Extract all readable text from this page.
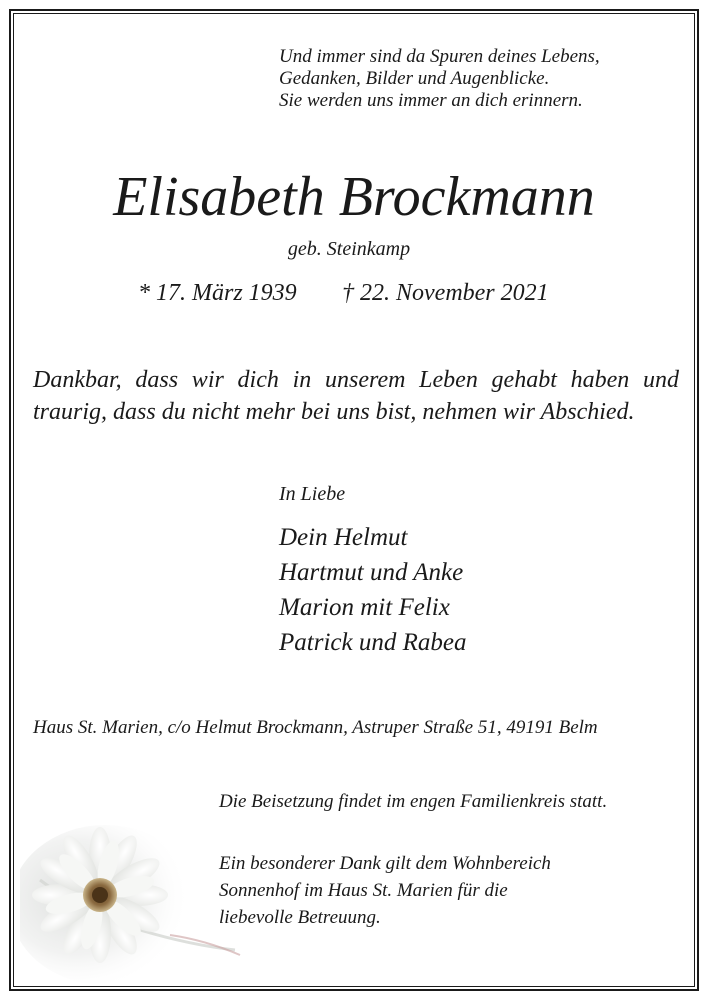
Und immer sind da Spuren deines Lebens,
Gedanken, Bilder und Augenblicke.
Sie werden uns immer an dich erinnern.
Elisabeth Brockmann
geb. Steinkamp
* 17. März 1939 † 22. November 2021
Dankbar, dass wir dich in unserem Leben gehabt haben und
traurig, dass du nicht mehr bei uns bist, nehmen wir Abschied.
In Liebe
Dein Helmut
Hartmut und Anke
Marion mit Felix
Patrick und Rabea
Haus St. Marien, c/o Helmut Brockmann, Astruper Straße 51, 49191 Belm
Die Beisetzung findet im engen Familienkreis statt.
Ein besonderer Dank gilt dem Wohnbereich
Sonnenhof im Haus St. Marien für die
liebevolle Betreuung.
